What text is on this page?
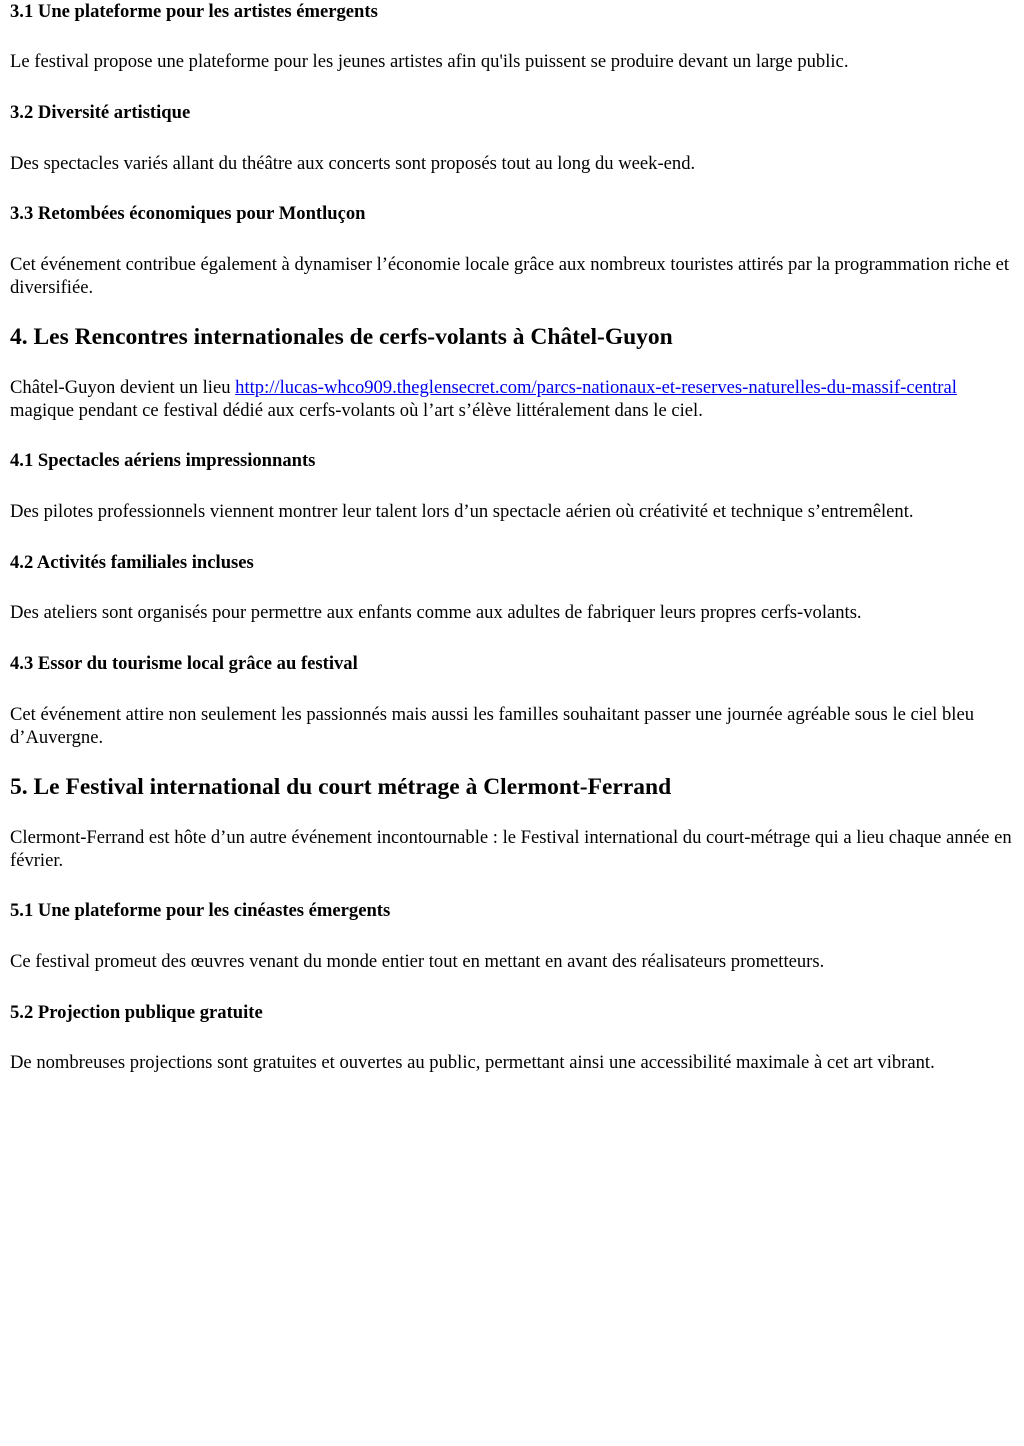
3.1 Une plateforme pour les artistes émergents

Le festival propose une plateforme pour les jeunes artistes afin qu'ils puissent se produire devant un large public.

3.2 Diversité artistique

Des spectacles variés allant du théâtre aux concerts sont proposés tout au long du week-end.

3.3 Retombées économiques pour Montluçon

Cet événement contribue également à dynamiser l’économie locale grâce aux nombreux touristes attirés par la programmation riche et diversifiée.

4. Les Rencontres internationales de cerfs-volants à Châtel-Guyon

Châtel-Guyon devient un lieu http://lucas-whco909.theglensecret.com/parcs-nationaux-et-reserves-naturelles-du-massif-central magique pendant ce festival dédié aux cerfs-volants où l’art s’élève littéralement dans le ciel.

4.1 Spectacles aériens impressionnants

Des pilotes professionnels viennent montrer leur talent lors d’un spectacle aérien où créativité et technique s’entremêlent.

4.2 Activités familiales incluses

Des ateliers sont organisés pour permettre aux enfants comme aux adultes de fabriquer leurs propres cerfs-volants.

4.3 Essor du tourisme local grâce au festival

Cet événement attire non seulement les passionnés mais aussi les familles souhaitant passer une journée agréable sous le ciel bleu d’Auvergne.

5. Le Festival international du court métrage à Clermont-Ferrand

Clermont-Ferrand est hôte d’un autre événement incontournable : le Festival international du court-métrage qui a lieu chaque année en février.

5.1 Une plateforme pour les cinéastes émergents

Ce festival promeut des œuvres venant du monde entier tout en mettant en avant des réalisateurs prometteurs.

5.2 Projection publique gratuite

De nombreuses projections sont gratuites et ouvertes au public, permettant ainsi une accessibilité maximale à cet art vibrant.
